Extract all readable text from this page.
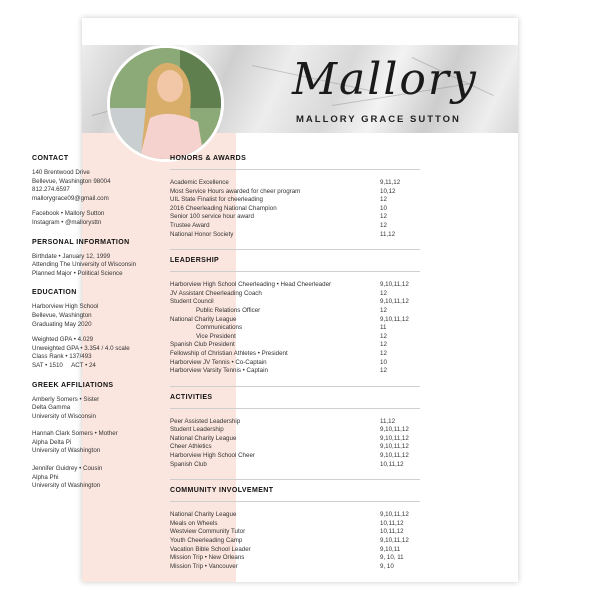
Mallory
MALLORY GRACE SUTTON
CONTACT
140 Brentwood Drive
Bellevue, Washington 98004
812.274.6597
mallorygrace09@gmail.com
Facebook • Mallory Sutton
Instagram • @mallorysttn
PERSONAL INFORMATION
Birthdate • January 12, 1999
Attending The University of Wisconsin
Planned Major • Political Science
EDUCATION
Harborview High School
Bellevue, Washington
Graduating May 2020
Weighted GPA • 4.029
Unweighted GPA • 3.354 / 4.0 scale
Class Rank • 137/493
SAT • 1510     ACT • 24
GREEK AFFILIATIONS
Amberly Somers • Sister
Delta Gamma
University of Wisconsin
Hannah Clark Somers • Mother
Alpha Delta Pi
University of Washington
Jennifer Guidrey • Cousin
Alpha Phi
University of Washington
HONORS & AWARDS
Academic Excellence	9,11,12
Most Service Hours awarded for cheer program	10,12
UIL State Finalist for cheerleading	12
2016 Cheerleading National Champion	10
Senior 100 service hour award	12
Trustee Award	12
National Honor Society	11,12
LEADERSHIP
Harborview High School Cheerleading • Head Cheerleader	9,10,11,12
JV Assistant Cheerleading Coach	12
Student Council	9,10,11,12
Public Relations Officer	12
National Charity League	9,10,11,12
Communications	11
Vice President	12
Spanish Club President	12
Fellowship of Christian Athletes • President	12
Harborview JV Tennis • Co-Captain	10
Harborview Varsity Tennis • Captain	12
ACTIVITIES
Peer Assisted Leadership	11,12
Student Leadership	9,10,11,12
National Charity League	9,10,11,12
Cheer Athletics	9,10,11,12
Harborview High School Cheer	9,10,11,12
Spanish Club	10,11,12
COMMUNITY INVOLVEMENT
National Charity League	9,10,11,12
Meals on Wheels	10,11,12
Westview Community Tutor	10,11,12
Youth Cheerleading Camp	9,10,11,12
Vacation Bible School Leader	9,10,11
Mission Trip • New Orleans	9, 10, 11
Mission Trip • Vancouver	9, 10
